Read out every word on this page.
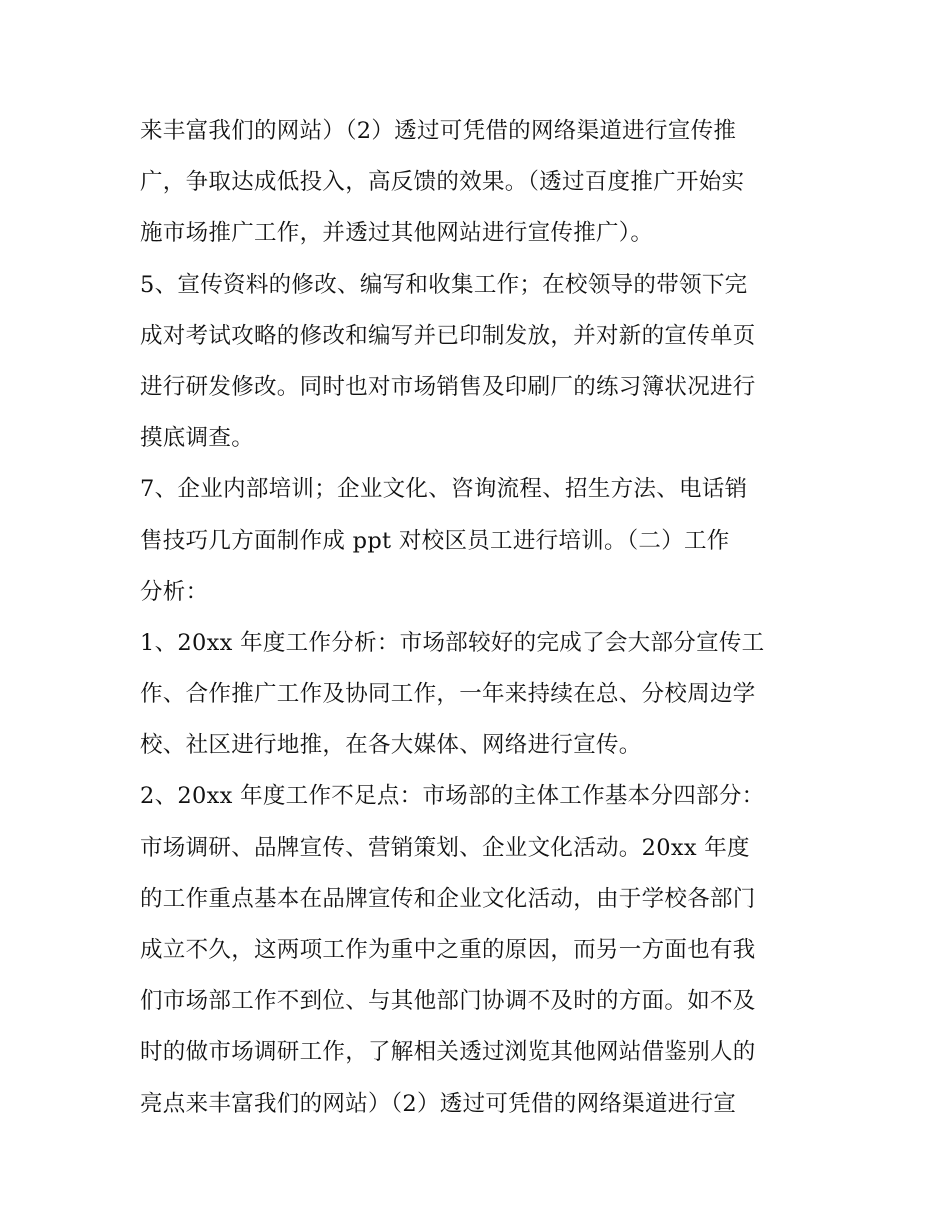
来丰富我们的网站）（2）透过可凭借的网络渠道进行宣传推
广，争取达成低投入，高反馈的效果。（透过百度推广开始实
施市场推广工作，并透过其他网站进行宣传推广）。
5、宣传资料的修改、编写和收集工作；在校领导的带领下完
成对考试攻略的修改和编写并已印制发放，并对新的宣传单页
进行研发修改。同时也对市场销售及印刷厂的练习簿状况进行
摸底调查。
7、企业内部培训；企业文化、咨询流程、招生方法、电话销
售技巧几方面制作成 ppt 对校区员工进行培训。（二）工作
分析：
1、20xx 年度工作分析：市场部较好的完成了会大部分宣传工
作、合作推广工作及协同工作，一年来持续在总、分校周边学
校、社区进行地推，在各大媒体、网络进行宣传。
2、20xx 年度工作不足点：市场部的主体工作基本分四部分：
市场调研、品牌宣传、营销策划、企业文化活动。20xx 年度
的工作重点基本在品牌宣传和企业文化活动，由于学校各部门
成立不久，这两项工作为重中之重的原因，而另一方面也有我
们市场部工作不到位、与其他部门协调不及时的方面。如不及
时的做市场调研工作，了解相关透过浏览其他网站借鉴别人的
亮点来丰富我们的网站）（2）透过可凭借的网络渠道进行宣
